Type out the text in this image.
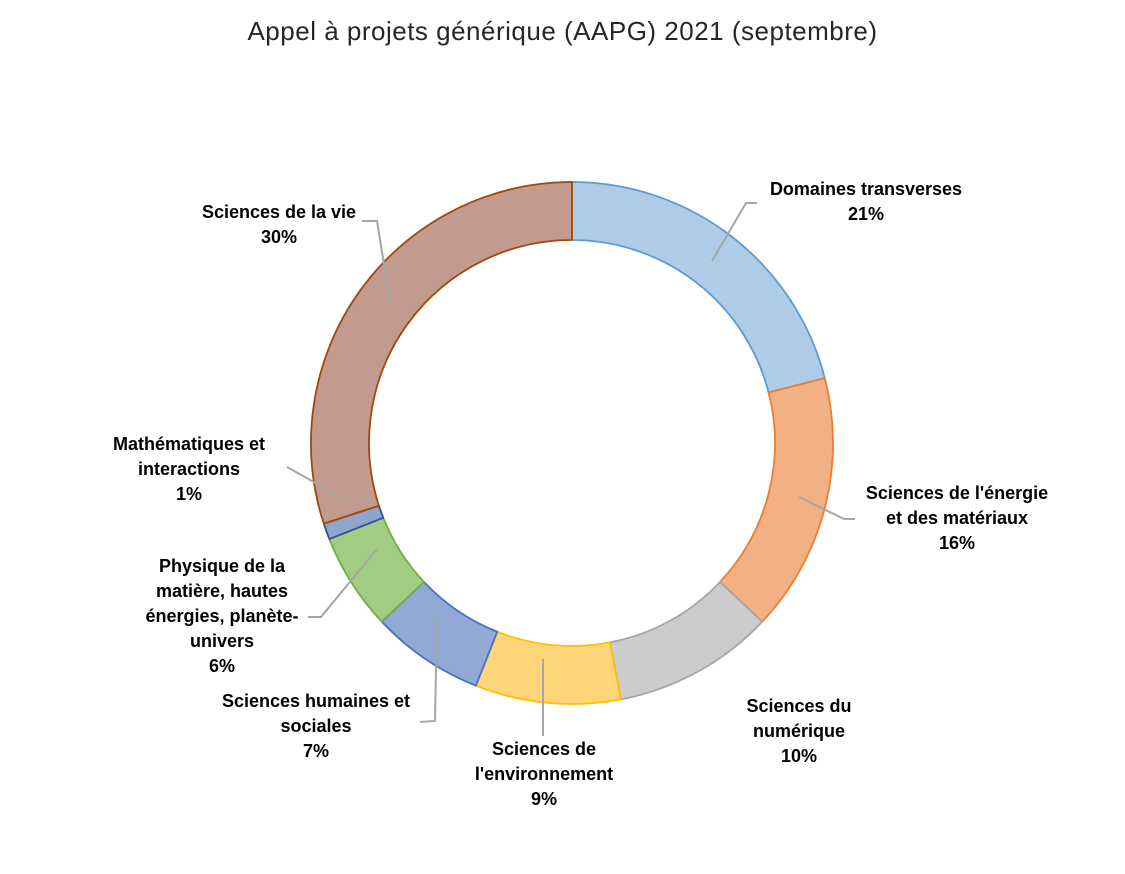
Appel à projets générique (AAPG) 2021 (septembre)
Domaines transverses
21%
Sciences de l'énergie
et des matériaux
16%
Sciences du
numérique
10%
Sciences de
l'environnement
9%
Sciences humaines et
sociales
7%
Physique de la
matière, hautes
énergies, planète-
univers
6%
Mathématiques et
interactions
1%
Sciences de la vie
30%
